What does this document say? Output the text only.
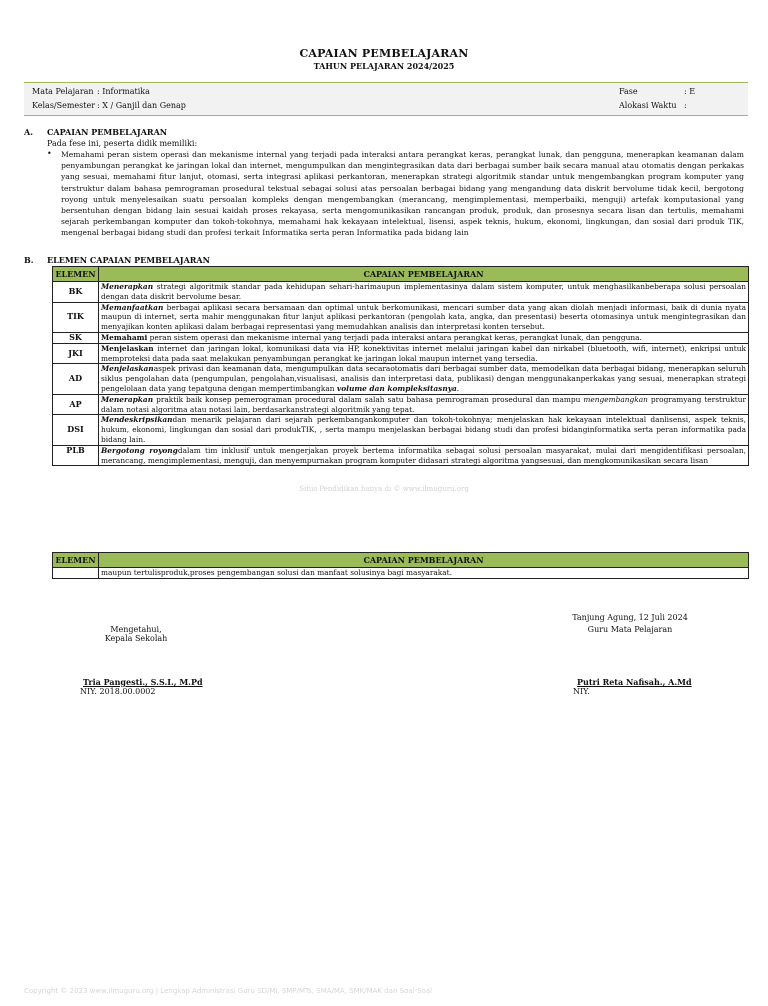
CAPAIAN PEMBELAJARAN
TAHUN PELAJARAN 2024/2025
Mata Pelajaran : Informatika
Kelas/Semester : X / Ganjil dan Genap
Fase	: E
Alokasi Waktu :
A. CAPAIAN PEMBELAJARAN
Pada fese ini, peserta didik memiliki:
• Memahami peran sistem operasi dan mekanisme internal yang terjadi pada interaksi antara perangkat keras, perangkat lunak, dan pengguna, menerapkan keamanan dalam penyambungan perangkat ke jaringan lokal dan internet, mengumpulkan dan mengintegrasikan data dari berbagai sumber baik secara manual atau otomatis dengan perkakas yang sesuai, memahami fitur lanjut, otomasi, serta integrasi aplikasi perkantoran, menerapkan strategi algoritmik standar untuk mengembangkan program komputer yang terstruktur dalam bahasa pemrograman prosedural tekstual sebagai solusi atas persoalan berbagai bidang yang mengandung data diskrit bervolume tidak kecil, bergotong royong untuk menyelesaikan suatu persoalan kompleks dengan mengembangkan (merancang, mengimplementasi, memperbaiki, menguji) artefak komputasional yang bersentuhan dengan bidang lain sesuai kaidah proses rekayasa, serta mengomunikasikan rancangan produk, produk, dan prosesnya secara lisan dan tertulis, memahami sejarah perkembangan komputer dan tokoh-tokohnya, memahami hak kekayaan intelektual, lisensi, aspek teknis, hukum, ekonomi, lingkungan, dan sosial dari produk TIK, mengenal berbagai bidang studi dan profesi terkait Informatika serta peran Informatika pada bidang lain
B. ELEMEN CAPAIAN PEMBELAJARAN
ELEMEN	CAPAIAN PEMBELAJARAN
BK	Menerapkan strategi algoritmik standar pada kehidupan sehari-harimaupun implementasinya dalam sistem komputer, untuk menghasilkanbeberapa solusi persoalan dengan data diskrit bervolume besar.
TIK	Memanfaatkan berbagai aplikasi secara bersamaan dan optimal untuk berkomunikasi, mencari sumber data yang akan diolah menjadi informasi, baik di dunia nyata maupun di internet, serta mahir menggunakan fitur lanjut aplikasi perkantoran (pengolah kata, angka, dan presentasi) beserta otomasinya untuk mengintegrasikan dan menyajikan konten aplikasi dalam berbagai representasi yang memudahkan analisis dan interpretasi konten tersebut.
SK	Memahami peran sistem operasi dan mekanisme internal yang terjadi pada interaksi antara perangkat keras, perangkat lunak, dan pengguna.
JKI	Menjelaskan internet dan jaringan lokal, komunikasi data via HP, konektivitas internet melalui jaringan kabel dan nirkabel (bluetooth, wifi, internet), enkripsi untuk memproteksi data pada saat melakukan penyambungan perangkat ke jaringan lokal maupun internet yang tersedia.
AD	Menjelaskanaspek privasi dan keamanan data, mengumpulkan data secaraotomatis dari berbagai sumber data, memodelkan data berbagai bidang, menerapkan seluruh siklus pengolahan data (pengumpulan, pengolahan,visualisasi, analisis dan interpretasi data, publikasi) dengan menggunakanperkakas yang sesuai, menerapkan strategi pengelolaan data yang tepatguna dengan mempertimbangkan volume dan kompleksitasnya.
AP	Menerapkan praktik baik konsep pemerograman procedural dalam salah satu bahasa pemrograman prosedural dan mampu mengembangkan programyang terstruktur dalam notasi algoritma atau notasi lain, berdasarkanstrategi algoritmik yang tepat.
DSI	Mendeskripsikandan menarik pelajaran dari sejarah perkembangankomputer dan tokoh-tokohnya; menjelaskan hak kekayaan intelektual danlisensi, aspek teknis, hukum, ekonomi, lingkungan dan sosial dari produkTIK, , serta mampu menjelaskan berbagai bidang studi dan profesi bidanginformatika serta peran informatika pada bidang lain.
PLB	Bergotong royongdalam tim inklusif untuk mengerjakan proyek bertema informatika sebagai solusi persoalan masyarakat, mulai dari mengidentifikasi persoalan, merancang, mengimplementasi, menguji, dan menyempurnakan program komputer didasari strategi algoritma yangsesuai, dan mengkomunikasikan secara lisan
Situs Pendidikan hanya di © www.ilmuguru.org
ELEMEN	CAPAIAN PEMBELAJARAN
	maupun tertulisproduk,proses pengembangan solusi dan manfaat solusinya bagi masyarakat.
Tanjung Agung, 12 Juli 2024
Guru Mata Pelajaran
Mengetahui,
Kepala Sekolah
Tria Pangesti., S.S.I., M.Pd
NIY. 2018.00.0002
Putri Reta Nafisah., A.Md
NIY.
Copyright © 2023 www.ilmuguru.org | Lengkap Administrasi Guru SD/MI, SMP/MTs, SMA/MA, SMK/MAK dan Soal-Soal
